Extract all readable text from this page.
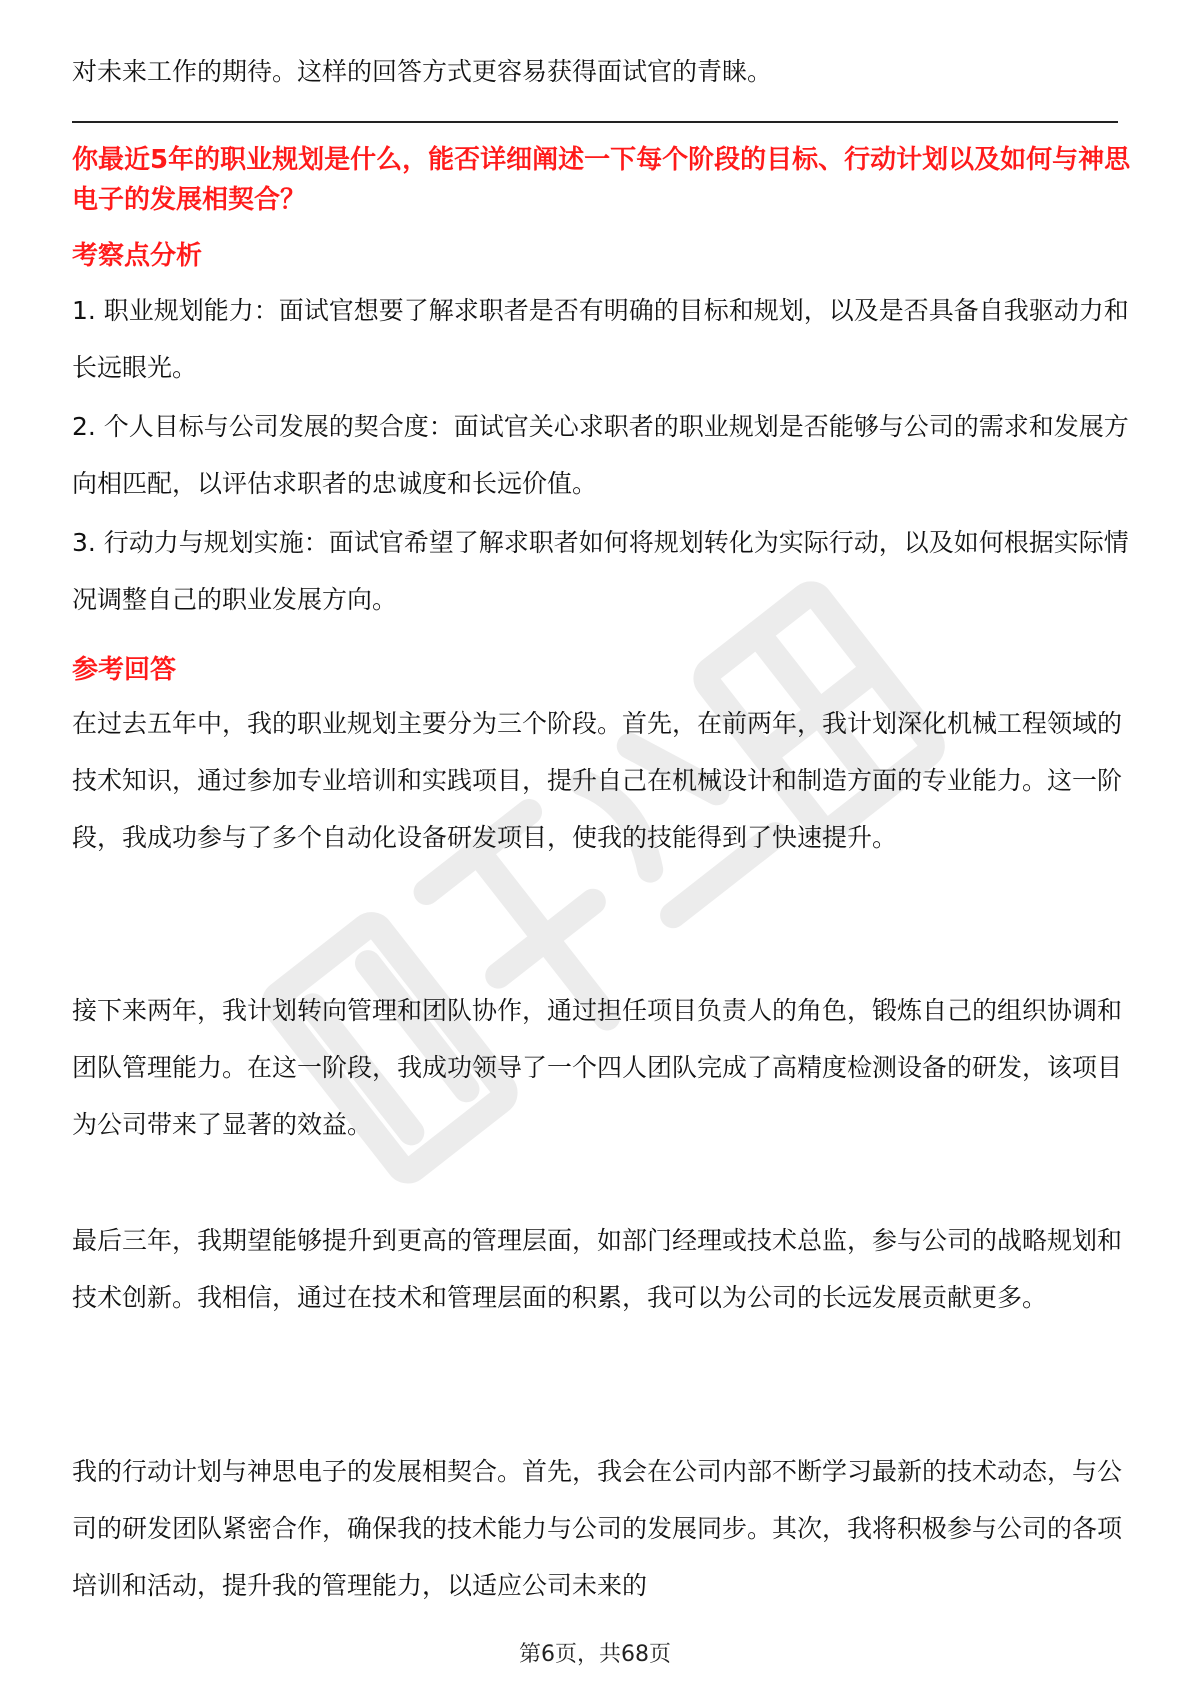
对未来工作的期待。这样的回答方式更容易获得面试官的青睐。

你最近5年的职业规划是什么，能否详细阐述一下每个阶段的目标、行动计划以及如何与神思电子的发展相契合？
考察点分析

1. 职业规划能力：面试官想要了解求职者是否有明确的目标和规划，以及是否具备自我驱动力和长远眼光。

2. 个人目标与公司发展的契合度：面试官关心求职者的职业规划是否能够与公司的需求和发展方向相匹配，以评估求职者的忠诚度和长远价值。

3. 行动力与规划实施：面试官希望了解求职者如何将规划转化为实际行动，以及如何根据实际情况调整自己的职业发展方向。

参考回答

在过去五年中，我的职业规划主要分为三个阶段。首先，在前两年，我计划深化机械工程领域的技术知识，通过参加专业培训和实践项目，提升自己在机械设计和制造方面的专业能力。这一阶段，我成功参与了多个自动化设备研发项目，使我的技能得到了快速提升。

接下来两年，我计划转向管理和团队协作，通过担任项目负责人的角色，锻炼自己的组织协调和团队管理能力。在这一阶段，我成功领导了一个四人团队完成了高精度检测设备的研发，该项目为公司带来了显著的效益。

最后三年，我期望能够提升到更高的管理层面，如部门经理或技术总监，参与公司的战略规划和技术创新。我相信，通过在技术和管理层面的积累，我可以为公司的长远发展贡献更多。

我的行动计划与神思电子的发展相契合。首先，我会在公司内部不断学习最新的技术动态，与公司的研发团队紧密合作，确保我的技术能力与公司的发展同步。其次，我将积极参与公司的各项培训和活动，提升我的管理能力，以适应公司未来的

第6页，共68页
